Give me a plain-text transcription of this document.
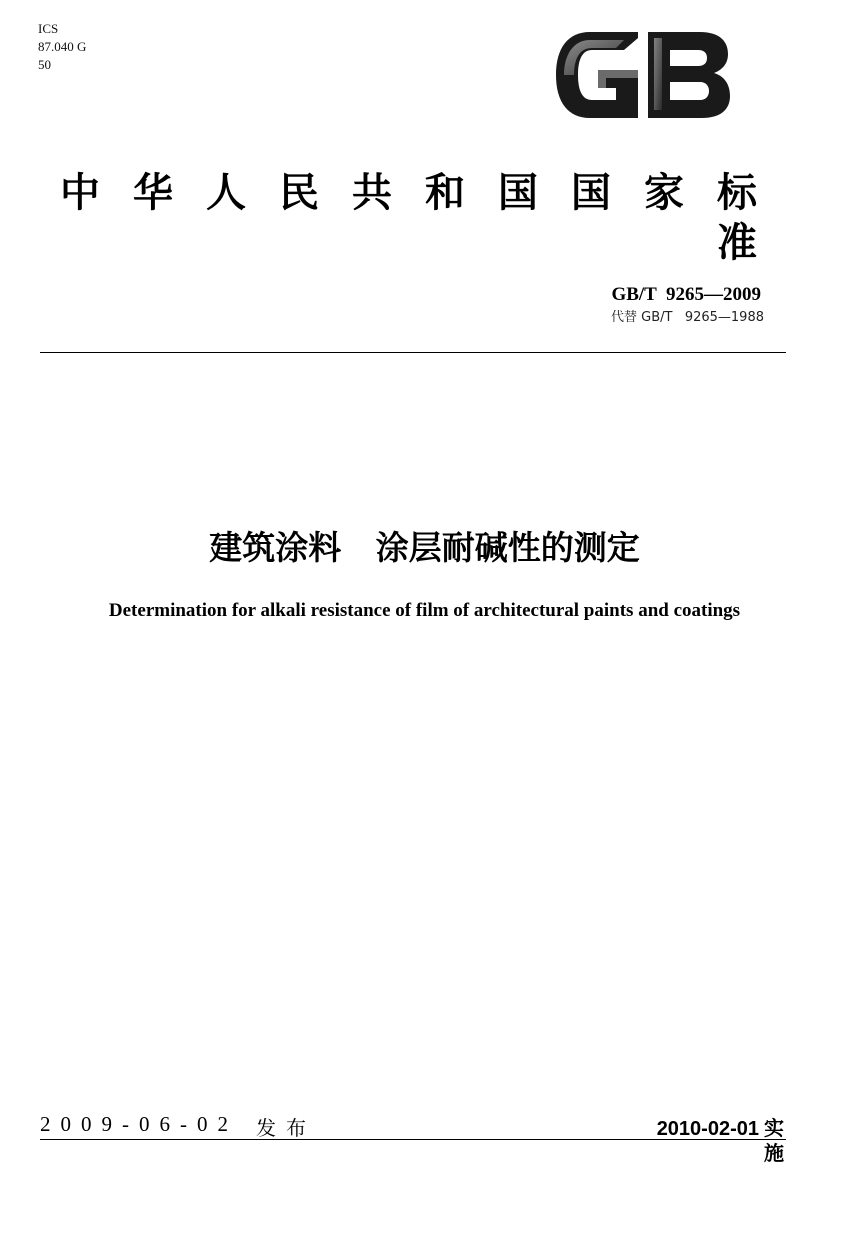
ICS
87.040 G
50
中华人民共和国国家标准
GB/T  9265—2009
代替 GB/T   9265—1988
建筑涂料   涂层耐碱性的测定
Determination for alkali resistance of film of architectural paints and coatings
2009-06-02 发布	2010-02-01 实施
